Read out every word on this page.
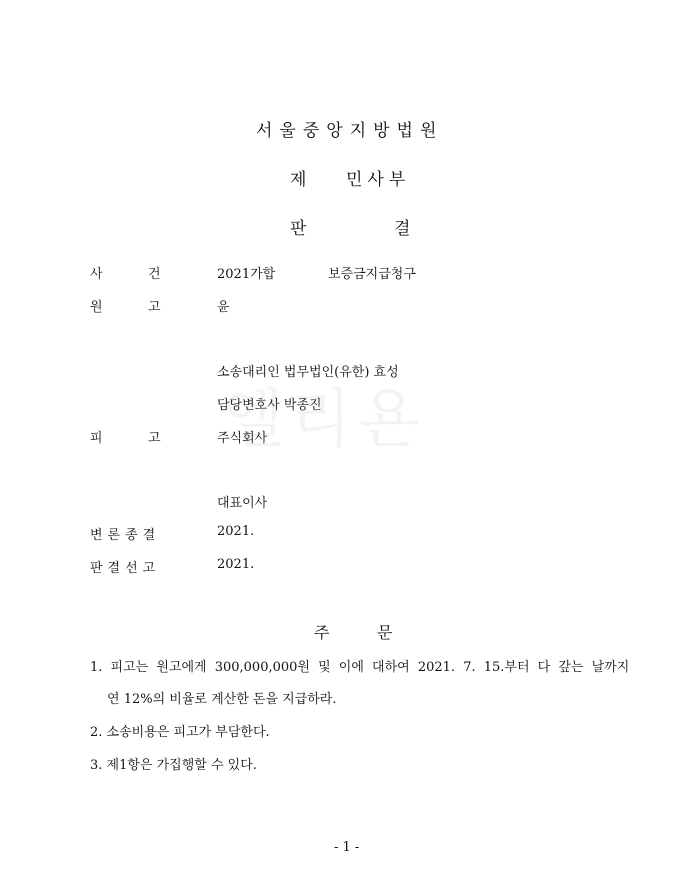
서울중앙지방법원
제 민사부
판	결
사	건	2021가합	보증금지급청구
원	고	윤
소송대리인 법무법인(유한) 효성
담당변호사 박종진
피	고	주식회사
대표이사
변론종결	2021.
판결선고	2021.
주	문
1. 피고는 원고에게 300,000,000원 및 이에 대하여 2021. 7. 15.부터 다 갚는 날까지
연 12%의 비율로 계산한 돈을 지급하라.
2. 소송비용은 피고가 부담한다.
3. 제1항은 가집행할 수 있다.
- 1 -
